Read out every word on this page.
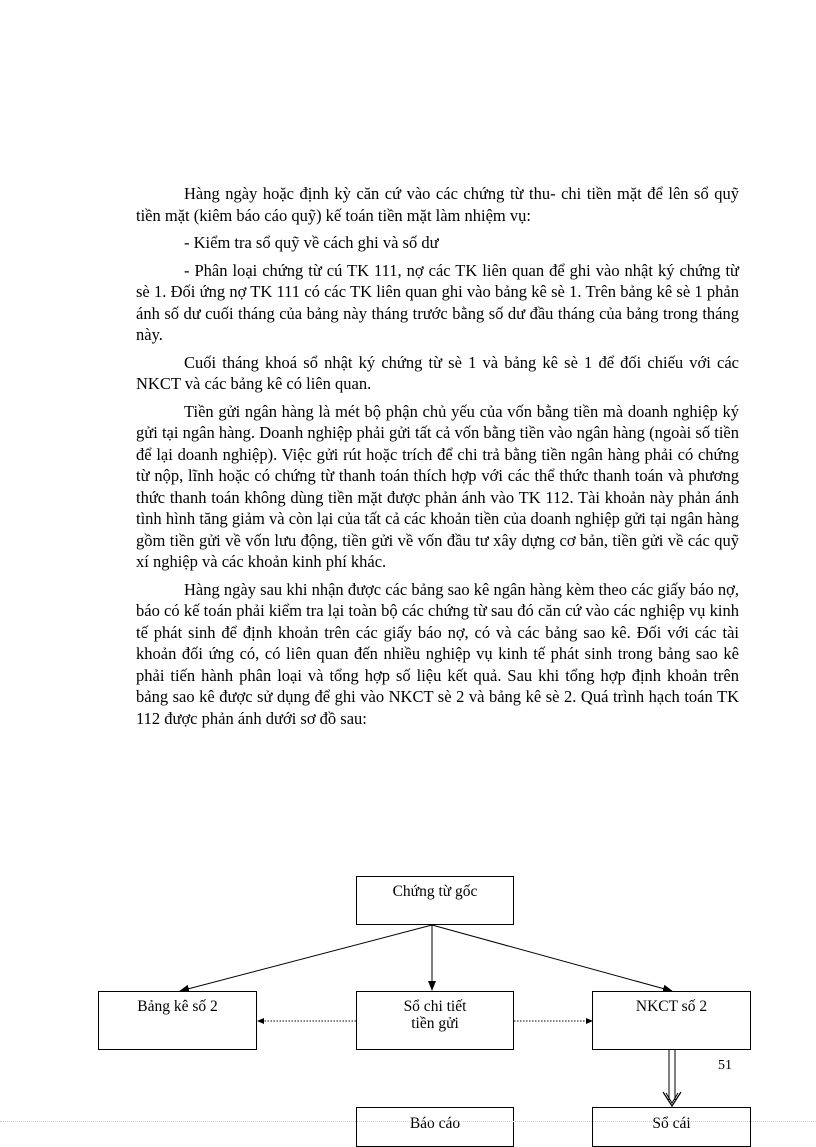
Hàng ngày hoặc định kỳ căn cứ vào các chứng từ thu- chi tiền mặt để lên sổ quỹ tiền mặt (kiêm báo cáo quỹ) kế toán tiền mặt làm nhiệm vụ:

- Kiểm tra sổ quỹ về cách ghi và số dư

- Phân loại chứng từ cú TK 111, nợ các TK liên quan để ghi vào nhật ký chứng từ sè 1. Đối ứng nợ TK 111 có các TK liên quan ghi vào bảng kê sè 1. Trên bảng kê sè 1 phản ánh số dư cuối tháng của bảng này tháng trước bằng số dư đầu tháng của bảng trong tháng này.

Cuối tháng khoá sổ nhật ký chứng từ sè 1 và bảng kê sè 1 để đối chiếu với các NKCT và các bảng kê có liên quan.

Tiền gửi ngân hàng là mét bộ phận chủ yếu của vốn bằng tiền mà doanh nghiệp ký gửi tại ngân hàng. Doanh nghiệp phải gửi tất cả vốn bằng tiền vào ngân hàng (ngoài số tiền để lại doanh nghiệp). Việc gửi rút hoặc trích để chi trả bằng tiền ngân hàng phải có chứng từ nộp, lĩnh hoặc có chứng từ thanh toán thích hợp với các thể thức thanh toán và phương thức thanh toán không dùng tiền mặt được phản ánh vào TK 112. Tài khoản này phản ánh tình hình tăng giảm và còn lại của tất cả các khoản tiền của doanh nghiệp gửi tại ngân hàng gồm tiền gửi về vốn lưu động, tiền gửi về vốn đầu tư xây dựng cơ bản, tiền gửi về các quỹ xí nghiệp và các khoản kinh phí khác.

Hàng ngày sau khi nhận được các bảng sao kê ngân hàng kèm theo các giấy báo nợ, báo có kế toán phải kiểm tra lại toàn bộ các chứng từ sau đó căn cứ vào các nghiệp vụ kinh tế phát sinh để định khoản trên các giấy báo nợ, có và các bảng sao kê. Đối với các tài khoản đối ứng có, có liên quan đến nhiều nghiệp vụ kinh tế phát sinh trong bảng sao kê phải tiến hành phân loại và tổng hợp số liệu kết quả. Sau khi tổng hợp định khoản trên bảng sao kê được sử dụng để ghi vào NKCT sè 2 và bảng kê sè 2. Quá trình hạch toán TK 112 được phản ánh dưới sơ đồ sau:

Chứng từ gốc
Bảng kê số 2	Sổ chi tiết tiền gửi
NKCT số 2
Báo cáo	Sổ cái
51
